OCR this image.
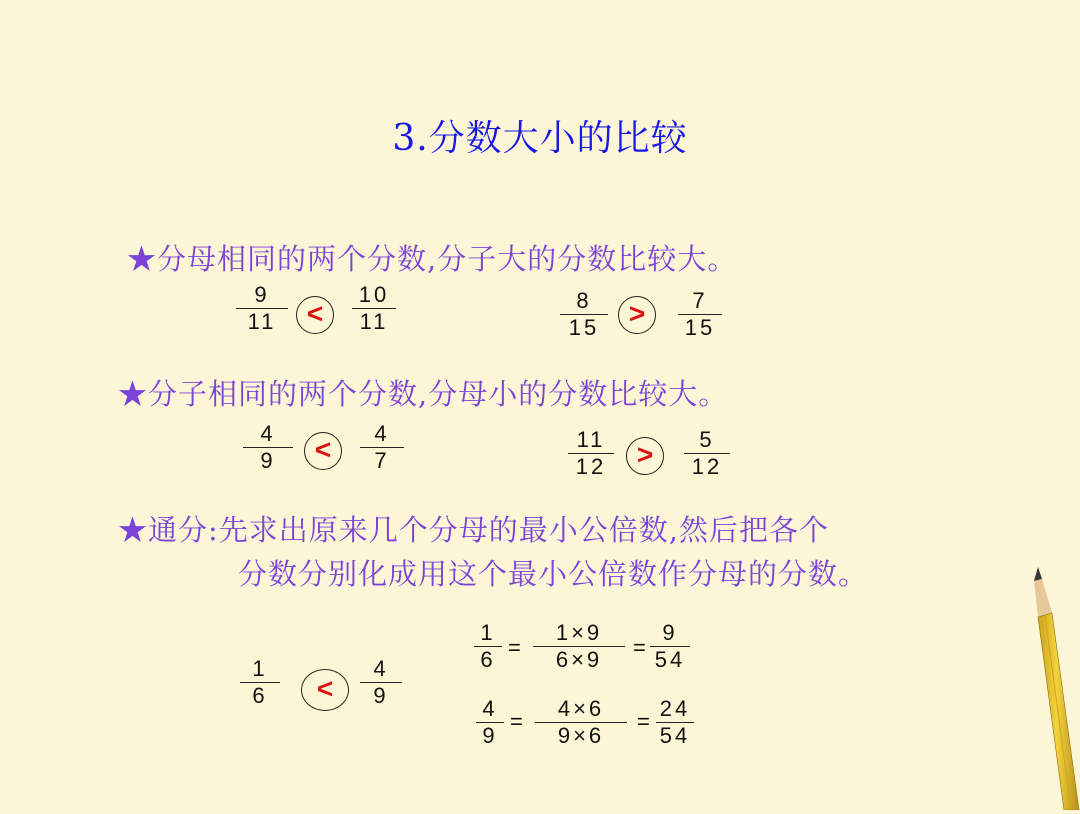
3.分数大小的比较
★分母相同的两个分数,分子大的分数比较大。
9
11	<
10
11
8
15	>	7
15
★分子相同的两个分数,分母小的分数比较大。
4
9	<
4
7
11
12	>	5
12
★通分:先求出原来几个分母的最小公倍数,然后把各个
分数分别化成用这个最小公倍数作分母的分数。
1
6	<
4
9
1
6 =
1×9
6×9	=
9
54
4
9
=
4×6
9×6
=
24
54
